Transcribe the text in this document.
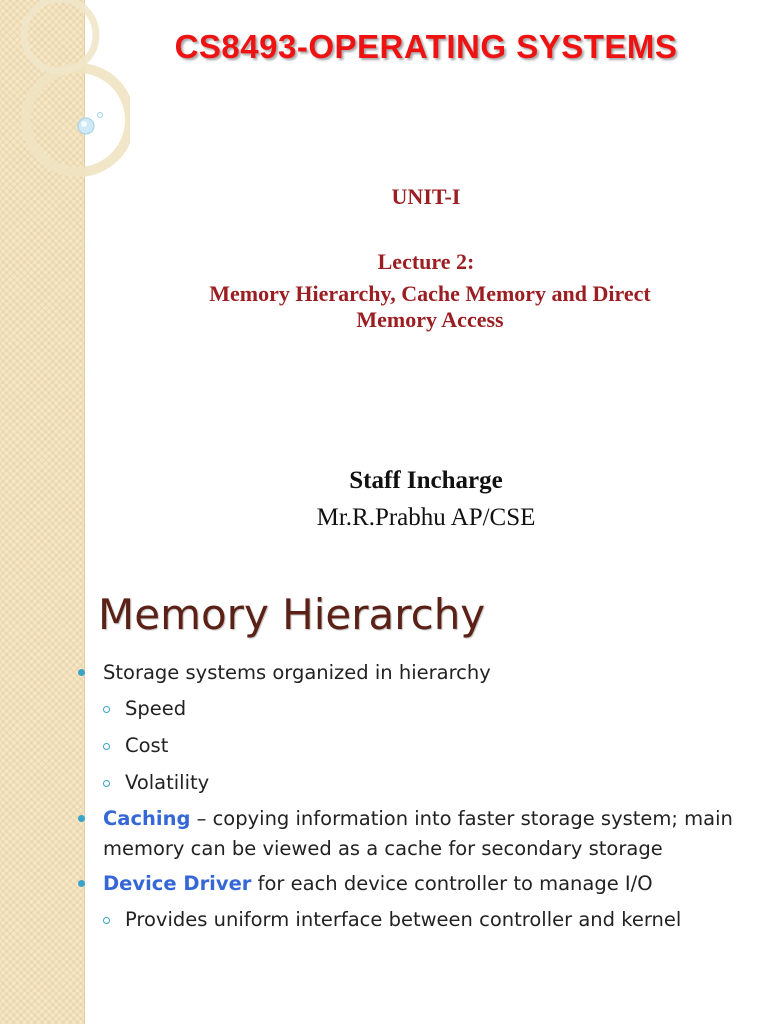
CS8493-OPERATING SYSTEMS
UNIT-I
Lecture 2:
Memory Hierarchy, Cache Memory and Direct
Memory Access
Staff Incharge
Mr.R.Prabhu AP/CSE
Memory Hierarchy
Storage systems organized in hierarchy
Speed
Cost
Volatility
Caching – copying information into faster storage system; main memory can be viewed as a cache for secondary storage
Device Driver for each device controller to manage I/O
Provides uniform interface between controller and kernel
